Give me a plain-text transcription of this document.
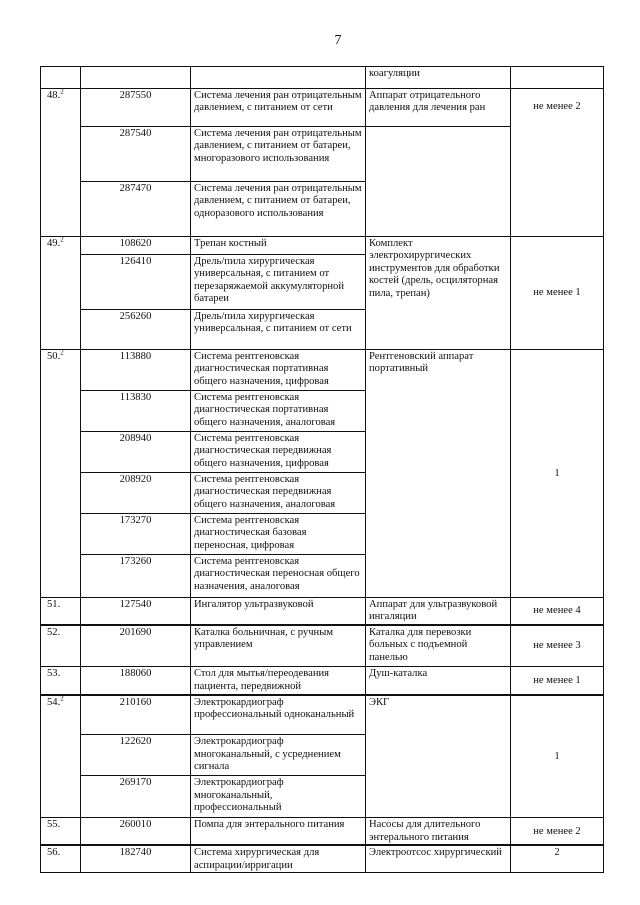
7
			коагуляции	
48.$^2$	287550	Система лечения ран отрицательным давлением, с питанием от сети	Аппарат отрицательного давления для лечения ран	не менее 2
	287540	Система лечения ран отрицательным давлением, с питанием от батареи, многоразового использования		
	287470	Система лечения ран отрицательным давлением, с питанием от батареи, одноразового использования		
49.$^2$	108620	Трепан костный	Комплект электрохирургических инструментов для обработки костей (дрель, осциляторная пила, трепан)	не менее 1
	126410	Дрель/пила хирургическая универсальная, с питанием от перезаряжаемой аккумуляторной батареи		
	256260	Дрель/пила хирургическая универсальная, с питанием от сети		
50.$^2$	113880	Система рентгеновская диагностическая портативная общего назначения, цифровая	Рентгеновский аппарат портативный	1
	113830	Система рентгеновская диагностическая портативная общего назначения, аналоговая		
	208940	Система рентгеновская диагностическая передвижная общего назначения, цифровая		
	208920	Система рентгеновская диагностическая передвижная общего назначения, аналоговая		
	173270	Система рентгеновская диагностическая базовая переносная, цифровая		
	173260	Система рентгеновская диагностическая переносная общего назначения, аналоговая		
51.	127540	Ингалятор ультразвуковой	Аппарат для ультразвуковой ингаляции	не менее 4
52.	201690	Каталка больничная, с ручным управлением	Каталка для перевозки больных с подъемной панелью	не менее 3
53.	188060	Стол для мытья/переодевания пациента, передвижной	Душ-каталка	не менее 1
54.$^2$	210160	Электрокардиограф профессиональный одноканальный	ЭКГ	1
	122620	Электрокардиограф многоканальный, с усреднением сигнала		
	269170	Электрокардиограф многоканальный, профессиональный		
55.	260010	Помпа для энтерального питания	Насосы для длительного энтерального питания	не менее 2
56.	182740	Система хирургическая для аспирации/ирригации	Электроотсос хирургический	2
